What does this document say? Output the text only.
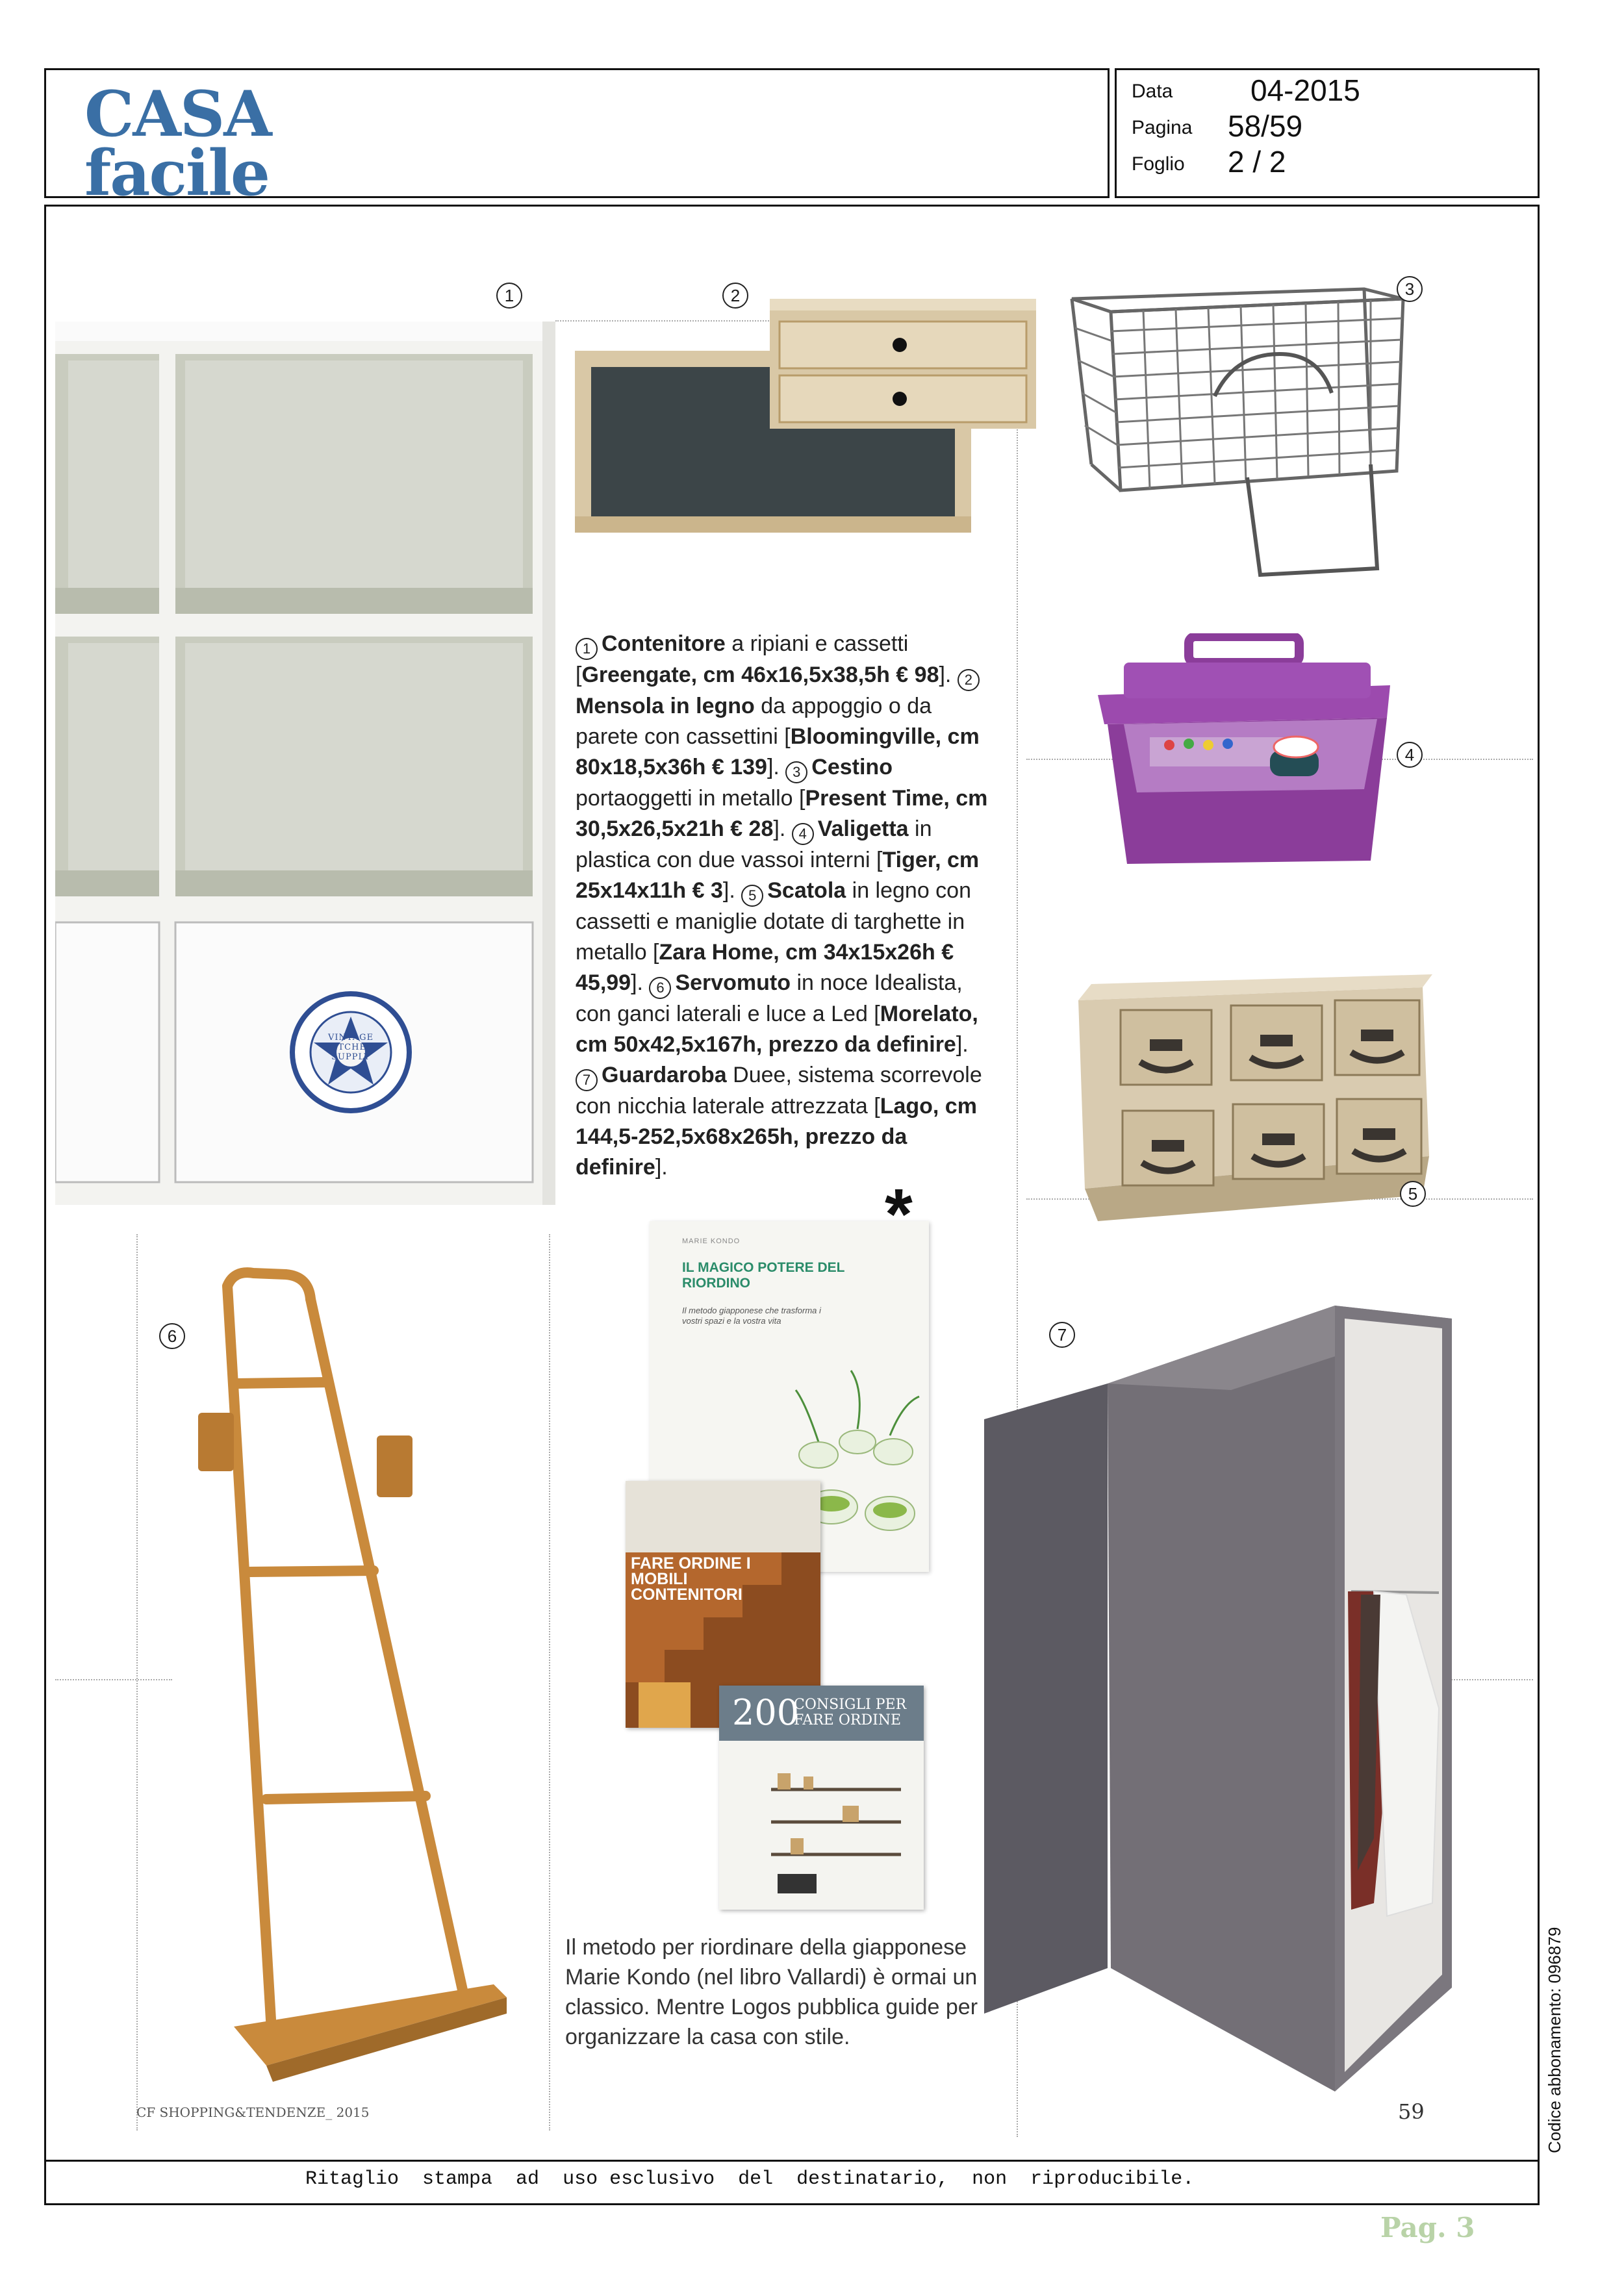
CASA
facile
Data	04-2015
Pagina 58/59
Foglio 2 / 2
VINTAGE KITCHEN SUPPLY
1 Contenitore a ripiani e cassetti [Greengate, cm 46x16,5x38,5h € 98]. 2Mensola in legno da appoggio o da parete con cassettini [Bloomingville, cm 80x18,5x36h € 139]. 3 Cestino portaoggetti in metallo [Present Time, cm 30,5x26,5x21h € 28]. 4 Valigetta in plastica con due vassoi interni [Tiger, cm 25x14x11h € 3]. 5 Scatola in legno con cassetti e maniglie dotate di targhette in metallo [Zara Home, cm 34x15x26h € 45,99]. 6 Servomuto in noce Idealista, con ganci laterali e luce a Led [Morelato, cm 50x42,5x167h, prezzo da definire]. 7 Guardaroba Duee, sistema scorrevole con nicchia laterale attrezzata [Lago, cm 144,5-252,5x68x265h, prezzo da definire].
MARIE KONDO
IL MAGICO POTERE DEL RIORDINO
Il metodo giapponese che trasforma i vostri spazi e la vostra vita
FARE ORDINE I MOBILI CONTENITORI
200
CONSIGLI PER FARE ORDINE
*
Il metodo per riordinare della giapponese Marie Kondo (nel libro Vallardi) è ormai un classico. Mentre Logos pubblica guide per organizzare la casa con stile.
1	2	3
4
5
6	7
CF SHOPPING&TENDENZE_ 2015	59
Ritaglio  stampa  ad  uso esclusivo  del  destinatario,  non  riproducibile.
Codice abbonamento: 096879
Pag. 3
